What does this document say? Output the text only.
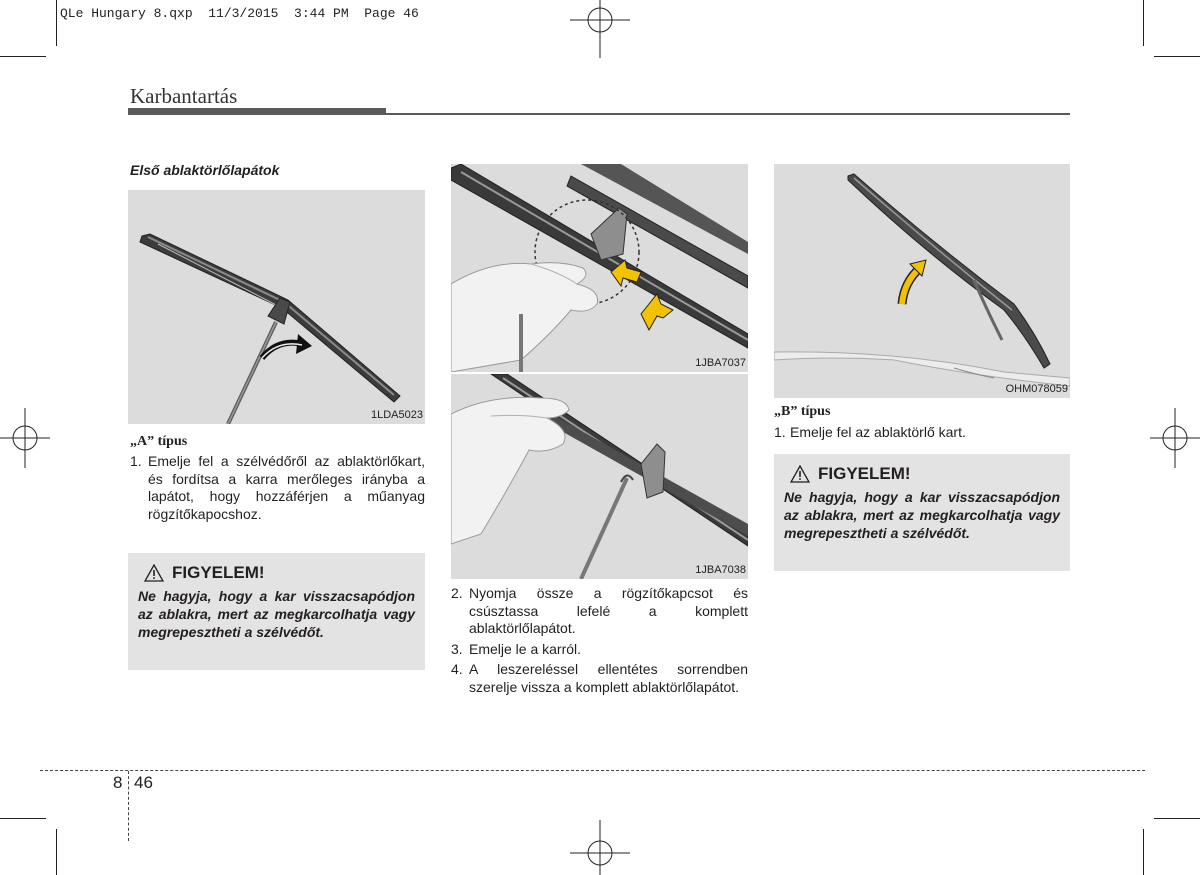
QLe Hungary 8.qxp  11/3/2015  3:44 PM  Page 46
Karbantartás
Első ablaktörlőlapátok
1LDA5023
„A” típus
1. Emelje fel a szélvédőről az ablaktörlőkart, és fordítsa a karra merőleges irányba a lapátot, hogy hozzáférjen a műanyag rögzítőkapocshoz.
FIGYELEM!
Ne hagyja, hogy a kar visszacsapódjon az ablakra, mert az megkarcolhatja vagy megrepesztheti a szélvédőt.
1JBA7037
1JBA7038
2. Nyomja össze a rögzítőkapcsot és csúsztassa lefelé a komplett ablaktörlőlapátot.
3. Emelje le a karról.
4. A leszereléssel ellentétes sorrendben szerelje vissza a komplett ablaktörlőlapátot.
OHM078059
„B” típus
1. Emelje fel az ablaktörlő kart.
FIGYELEM!
Ne hagyja, hogy a kar visszacsapódjon az ablakra, mert az megkarcolhatja vagy megrepesztheti a szélvédőt.
8 46
